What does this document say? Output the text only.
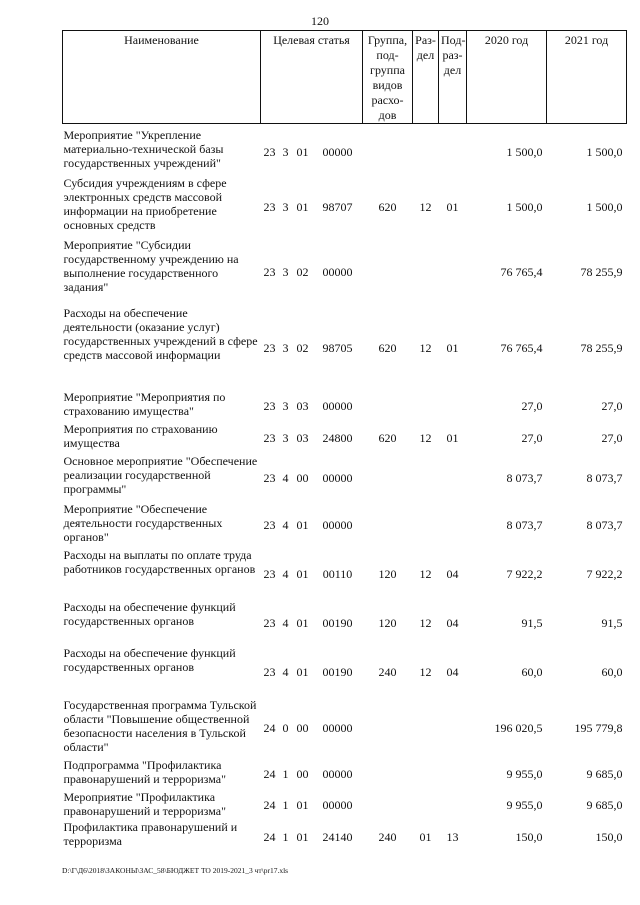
120
Наименование	Целевая статья				Группа, под-группа видов расхо-дов	Раз-дел	Под-раз-дел	2020 год	2021 год
Мероприятие "Укрепление материально-технической базы государственных учреждений"	23	3	01	00000				1 500,0	1 500,0
Субсидия учреждениям в сфере электронных средств массовой информации на приобретение основных средств	23	3	01	98707	620	12	01	1 500,0	1 500,0
Мероприятие "Субсидии государственному учреждению на выполнение государственного задания"	23	3	02	00000				76 765,4	78 255,9
Расходы на обеспечение деятельности (оказание услуг) государственных учреждений в сфере средств массовой информации	23	3	02	98705	620	12	01	76 765,4	78 255,9
Мероприятие "Мероприятия по страхованию имущества"	23	3	03	00000				27,0	27,0
Мероприятия по страхованию имущества	23	3	03	24800	620	12	01	27,0	27,0
Основное мероприятие "Обеспечение реализации государственной программы"	23	4	00	00000				8 073,7	8 073,7
Мероприятие "Обеспечение деятельности государственных органов"	23	4	01	00000				8 073,7	8 073,7
Расходы на выплаты по оплате труда работников государственных органов	23	4	01	00110	120	12	04	7 922,2	7 922,2
Расходы на обеспечение функций государственных органов	23	4	01	00190	120	12	04	91,5	91,5
Расходы на обеспечение функций государственных органов	23	4	01	00190	240	12	04	60,0	60,0
Государственная программа Тульской области "Повышение общественной безопасности населения в Тульской области"	24	0	00	00000				196 020,5	195 779,8
Подпрограмма "Профилактика правонарушений и терроризма"	24	1	00	00000				9 955,0	9 685,0
Мероприятие "Профилактика правонарушений и терроризма"	24	1	01	00000				9 955,0	9 685,0
Профилактика правонарушений и терроризма	24	1	01	24140	240	01	13	150,0	150,0
D:\Г\Д6\2018\ЗАКОНЫ\ЗАС_58\БЮДЖЕТ ТО 2019-2021_3 чт\pr17.xls
